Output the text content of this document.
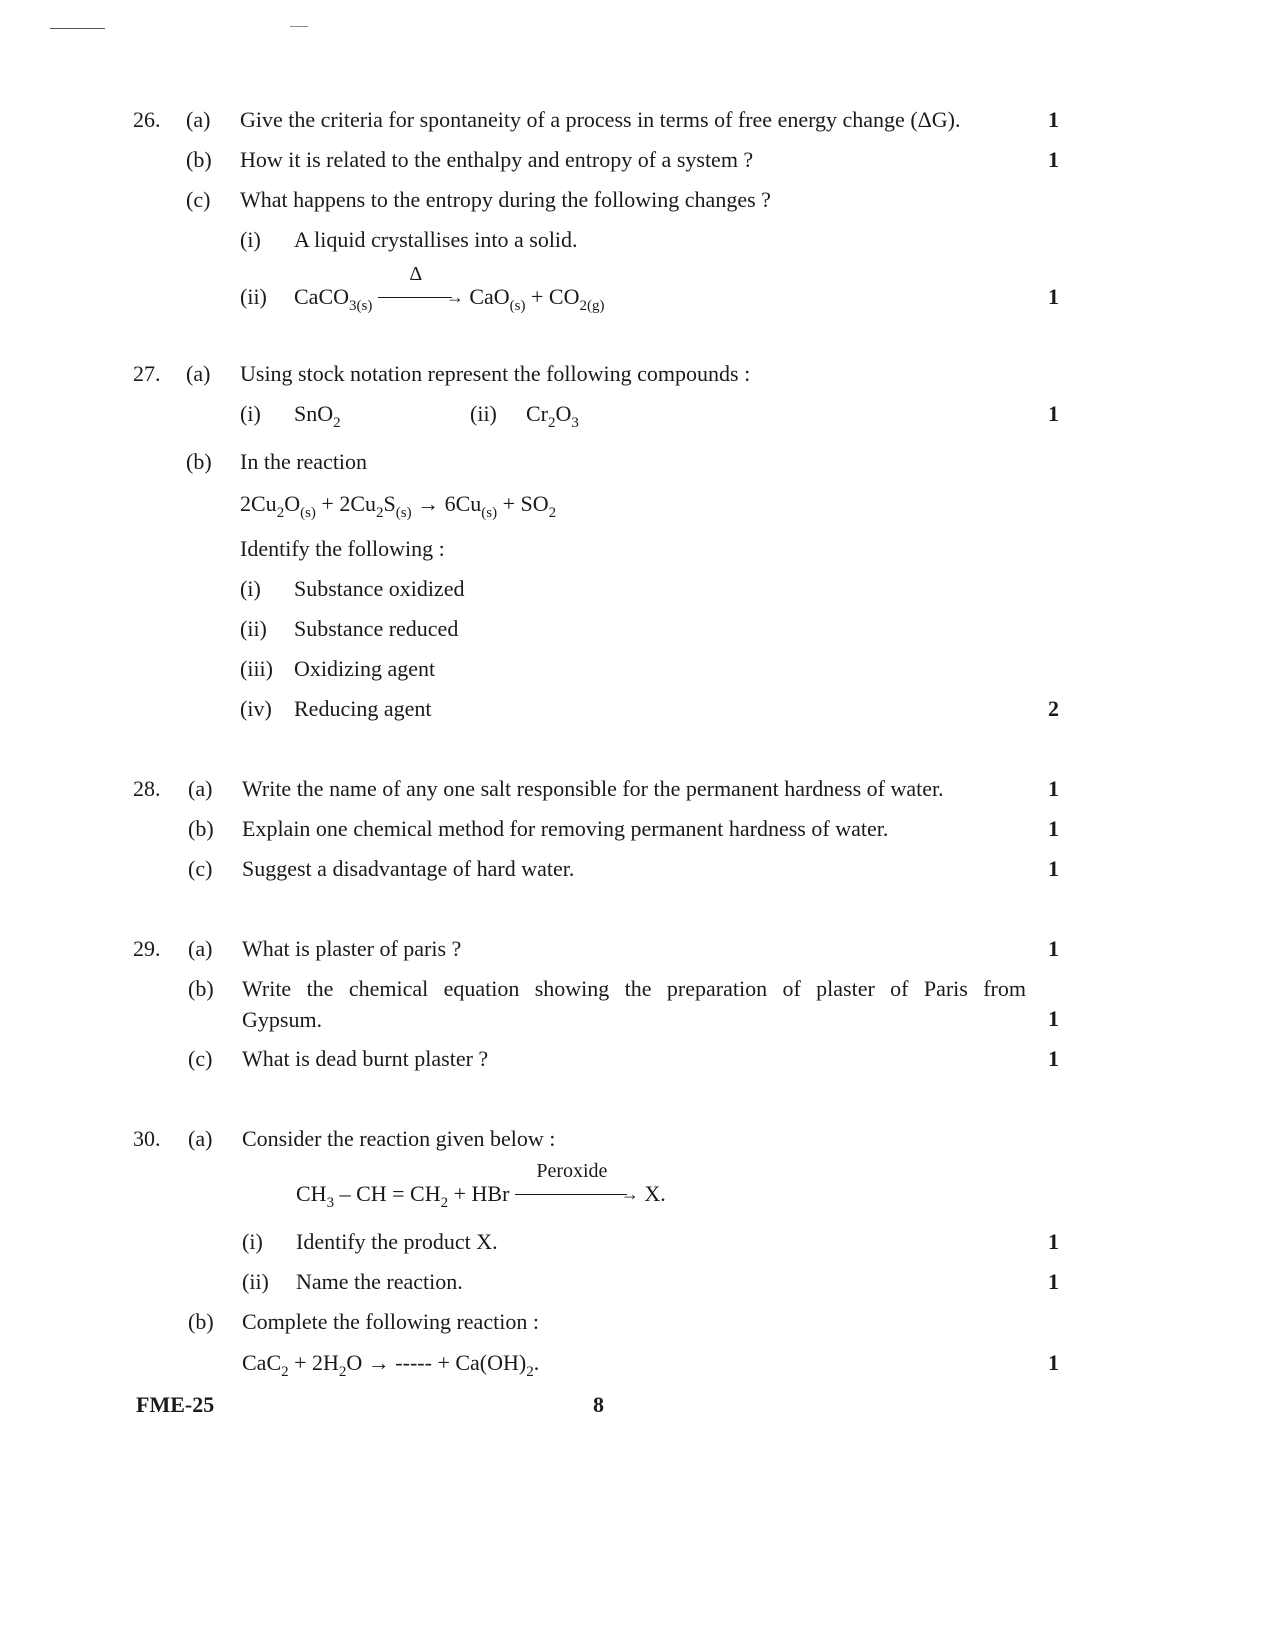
26. (a) Give the criteria for spontaneity of a process in terms of free energy change (ΔG).	1
(b) How it is related to the enthalpy and entropy of a system ?	1
(c) What happens to the entropy during the following changes ?
(i) A liquid crystallises into a solid.
(ii) CaCO$_{3(s)}$
Δ
→ $CaO_{(s)} + CO_{2(g)}$	1
27. (a) Using stock notation represent the following compounds :
(i) SnO$_2$	(ii) $Cr_2O_3$	1
(b) In the reaction
$2Cu_2O_{(s)} + 2Cu_2S_{(s)} \to 6Cu_{(s)} + SO_2$
Identify the following :
(i) Substance oxidized
(ii) Substance reduced
(iii) Oxidizing agent
(iv) Reducing agent	2
28. (a) Write the name of any one salt responsible for the permanent hardness of water.	1
(b) Explain one chemical method for removing permanent hardness of water.	1
(c) Suggest a disadvantage of hard water.	1
29. (a) What is plaster of paris ?	1
(b) Write the chemical equation showing the preparation of plaster of Paris from
Gypsum.	1
(c) What is dead burnt plaster ?	1
30. (a) Consider the reaction given below :
$CH_3$ – CH = $CH_2$ + HBr
Peroxide
→ X.
(i) Identify the product X.	1
(ii) Name the reaction.	1
(b) Complete the following reaction :
$CaC_2 + 2H_2O$ → ----- + $Ca(OH)_2$.	1
FME-25	8
